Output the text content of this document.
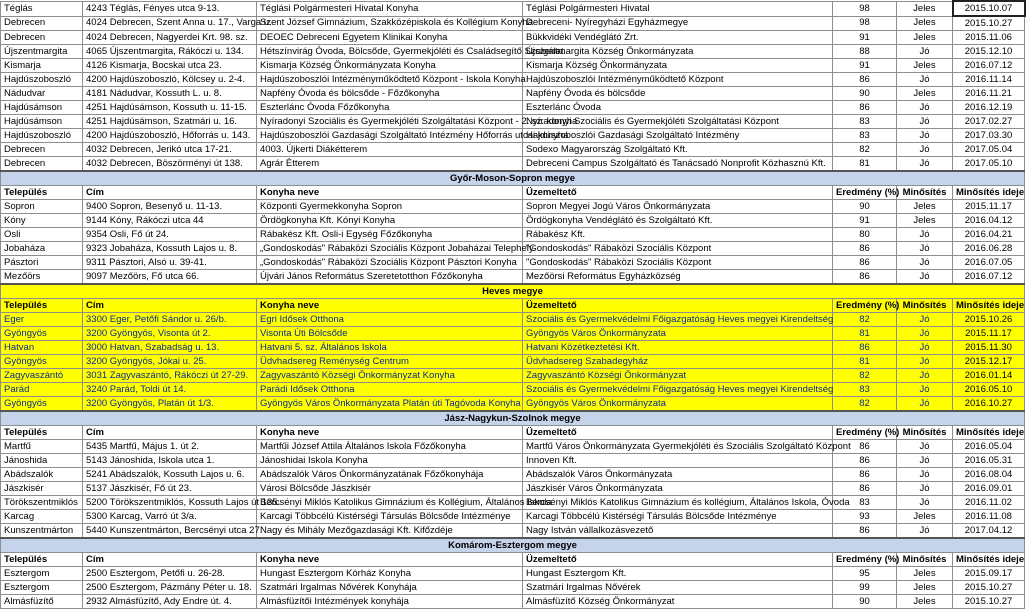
Téglás	4243 Téglás, Fényes utca 9-13.	Téglási Polgármesteri Hivatal Konyha	Téglási Polgármesteri Hivatal	98	Jeles	2015.10.07
Debrecen	4024 Debrecen, Szent Anna u. 17., Varga u.	Szent József Gimnázium, Szakközépiskola és Kollégium Konyha	Debreceni- Nyíregyházi Egyházmegye	98	Jeles	2015.10.27
Debrecen	4024 Debrecen, Nagyerdei Krt. 98. sz.	DEOEC Debreceni Egyetem Klinikai Konyha	Bükkvidéki Vendéglátó Zrt.	91	Jeles	2015.11.06
Újszentmargita	4065 Újszentmargita, Rákóczi u. 134.	Hétszínvirág Óvoda, Bölcsőde, Gyermekjóléti és Családsegítő Szolgálat	Újszentmargita Község Önkormányzata	88	Jó	2015.12.10
Kismarja	4126 Kismarja, Bocskai utca 23.	Kismarja Község Önkormányzata Konyha	Kismarja Község Önkormányzata	91	Jeles	2016.07.12
Hajdúszoboszló	4200 Hajdúszoboszló, Kölcsey u. 2-4.	Hajdúszoboszlói Intézményműködtető Központ - Iskola Konyha	Hajdúszoboszlói Intézményműködtető Központ	86	Jó	2016.11.14
Nádudvar	4181 Nádudvar, Kossuth L. u. 8.	Napfény Óvoda és bölcsőde - Főzőkonyha	Napfény Óvoda és bölcsőde	90	Jeles	2016.11.21
Hajdúsámson	4251 Hajdúsámson, Kossuth u. 11-15.	Eszterlánc Óvoda Főzőkonyha	Eszterlánc Óvoda	86	Jó	2016.12.19
Hajdúsámson	4251 Hajdúsámson, Szatmári u. 16.	Nyíradonyi Szociális és Gyermekjóléti Szolgáltatási Központ - 2. sz. konyha	Nyíradonyi Szociális és Gyermekjóléti Szolgáltatási Központ	83	Jó	2017.02.27
Hajdúszoboszló	4200 Hajdúszoboszló, Hőforrás u. 143.	Hajdúszoboszlói Gazdasági Szolgáltató Intézmény Hőforrás utcai konyha	Hajdúszoboszlói Gazdasági Szolgáltató Intézmény	83	Jó	2017.03.30
Debrecen	4032 Debrecen, Jerikó utca 17-21.	4003. Újkerti Diákétterem	Sodexo Magyarország Szolgáltató Kft.	82	Jó	2017.05.04
Debrecen	4032 Debrecen, Böszörményi út 138.	Agrár Étterem	Debreceni Campus Szolgáltató és Tanácsadó Nonprofit Közhasznú Kft.	81	Jó	2017.05.10
Győr-Moson-Sopron megye						
Település	Cím	Konyha neve	Üzemeltető	Eredmény (%)	Minősítés	Minősítés ideje
Sopron	9400 Sopron, Besenyő u. 11-13.	Központi Gyermekkonyha Sopron	Sopron Megyei Jogú Város Önkormányzata	90	Jeles	2015.11.17
Kóny	9144 Kóny, Rákóczi utca 44	Ördögkonyha Kft. Kónyi Konyha	Ördögkonyha Vendéglátó és Szolgáltató Kft.	91	Jeles	2016.04.12
Osli	9354 Osli, Fő út 24.	Rábakész Kft. Osli-i Egység Főzőkonyha	Rábakész Kft.	80	Jó	2016.04.21
Jobaháza	9323 Jobaháza, Kossuth Lajos u. 8.	„Gondoskodás" Rábaközi Szociális Központ Jobaházai Telephely	"Gondoskodás" Rábaközi Szociális Központ	86	Jó	2016.06.28
Pásztori	9311 Pásztori, Alsó u. 39-41.	„Gondoskodás" Rábaközi Szociális Központ Pásztori Konyha	"Gondoskodás" Rábaközi Szociális Központ	86	Jó	2016.07.05
Mezőörs	9097 Mezőörs, Fő utca 66.	Újvári János Református Szeretetotthon Főzőkonyha	Mezőörsi Református Egyházközség	86	Jó	2016.07.12
Heves megye						
Település	Cím	Konyha neve	Üzemeltető	Eredmény (%)	Minősítés	Minősítés ideje
Eger	3300 Eger, Petőfi Sándor u. 26/b.	Egri Idősek Otthona	Szociális és Gyermekvédelmi Főigazgatóság Heves megyei Kirendeltség	82	Jó	2015.10.26
Gyöngyös	3200 Gyöngyös, Visonta út 2.	Visonta Úti Bölcsőde	Gyöngyös Város Önkormányzata	81	Jó	2015.11.17
Hatvan	3000 Hatvan, Szabadság u. 13.	Hatvani 5. sz. Általános Iskola	Hatvani Közétkeztetési Kft.	86	Jó	2015.11.30
Gyöngyös	3200 Gyöngyös, Jókai u. 25.	Üdvhadsereg Reménység Centrum	Üdvhadsereg Szabadegyház	81	Jó	2015.12.17
Zagyvaszántó	3031 Zagyvaszántó, Rákóczi út 27-29.	Zagyvaszántó Községi Önkormányzat Konyha	Zagyvaszántó Községi Önkormányzat	82	Jó	2016.01.14
Parád	3240 Parád, Toldi út 14.	Parádi Idősek Otthona	Szociális és Gyermekvédelmi Főigazgatóság Heves megyei Kirendeltség	83	Jó	2016.05.10
Gyöngyös	3200 Gyöngyös, Platán út 1/3.	Gyöngyös Város Önkormányzata Platán úti Tagóvoda Konyha	Gyöngyös Város Önkormányzata	82	Jó	2016.10.27
Jász-Nagykun-Szolnok megye						
Település	Cím	Konyha neve	Üzemeltető	Eredmény (%)	Minősítés	Minősítés ideje
Martfű	5435 Martfű, Május 1. út 2.	Martfűi József Attila Általános Iskola Főzőkonyha	Martfű Város Önkormányzata Gyermekjóléti és Szociális Szolgáltató Központ	86	Jó	2016.05.04
Jánoshida	5143 Jánoshida, Iskola utca 1.	Jánoshidai Iskola Konyha	Innoven Kft.	86	Jó	2016.05.31
Abádszalók	5241 Abádszalók, Kossuth Lajos u. 6.	Abádszalók Város Önkormányzatának Főzőkonyhája	Abádszalók Város Önkormányzata	86	Jó	2016.08.04
Jászkisér	5137 Jászkisér, Fő út 23.	Városi Bölcsőde Jászkisér	Jászkisér Város Önkormányzata	86	Jó	2016.09.01
Törökszentmiklós	5200 Törökszentmiklós, Kossuth Lajos út 135.	Bercsényi Miklós Katolikus Gimnázium és Kollégium, Általános Iskola	Bercsényi Miklós Katolikus Gimnázium és kollégium, Általános Iskola, Óvoda	83	Jó	2016.11.02
Karcag	5300 Karcag, Varró út 3/a.	Karcagi Többcélú Kistérségi Társulás Bölcsőde Intézménye	Karcagi Többcélú Kistérségi Társulás Bölcsőde Intézménye	93	Jeles	2016.11.08
Kunszentmárton	5440 Kunszentmárton, Bercsényi utca 27.	Nagy és Mihály Mezőgazdasági Kft. Kifőzdéje	Nagy István vállalkozásvezető	86	Jó	2017.04.12
Komárom-Esztergom megye						
Település	Cím	Konyha neve	Üzemeltető	Eredmény (%)	Minősítés	Minősítés ideje
Esztergom	2500 Esztergom, Petőfi u. 26-28.	Hungast Esztergom Kórház Konyha	Hungast Esztergom Kft.	95	Jeles	2015.09.17
Esztergom	2500 Esztergom, Pázmány Péter u. 18.	Szatmári Irgalmas Nővérek Konyhája	Szatmári Irgalmas Nővérek	99	Jeles	2015.10.27
Almásfüzítő	2932 Almásfüzítő, Ady Endre út. 4.	Almásfüzítői Intézmények konyhája	Almásfüzítő Község Önkormányzat	90	Jeles	2015.10.27
